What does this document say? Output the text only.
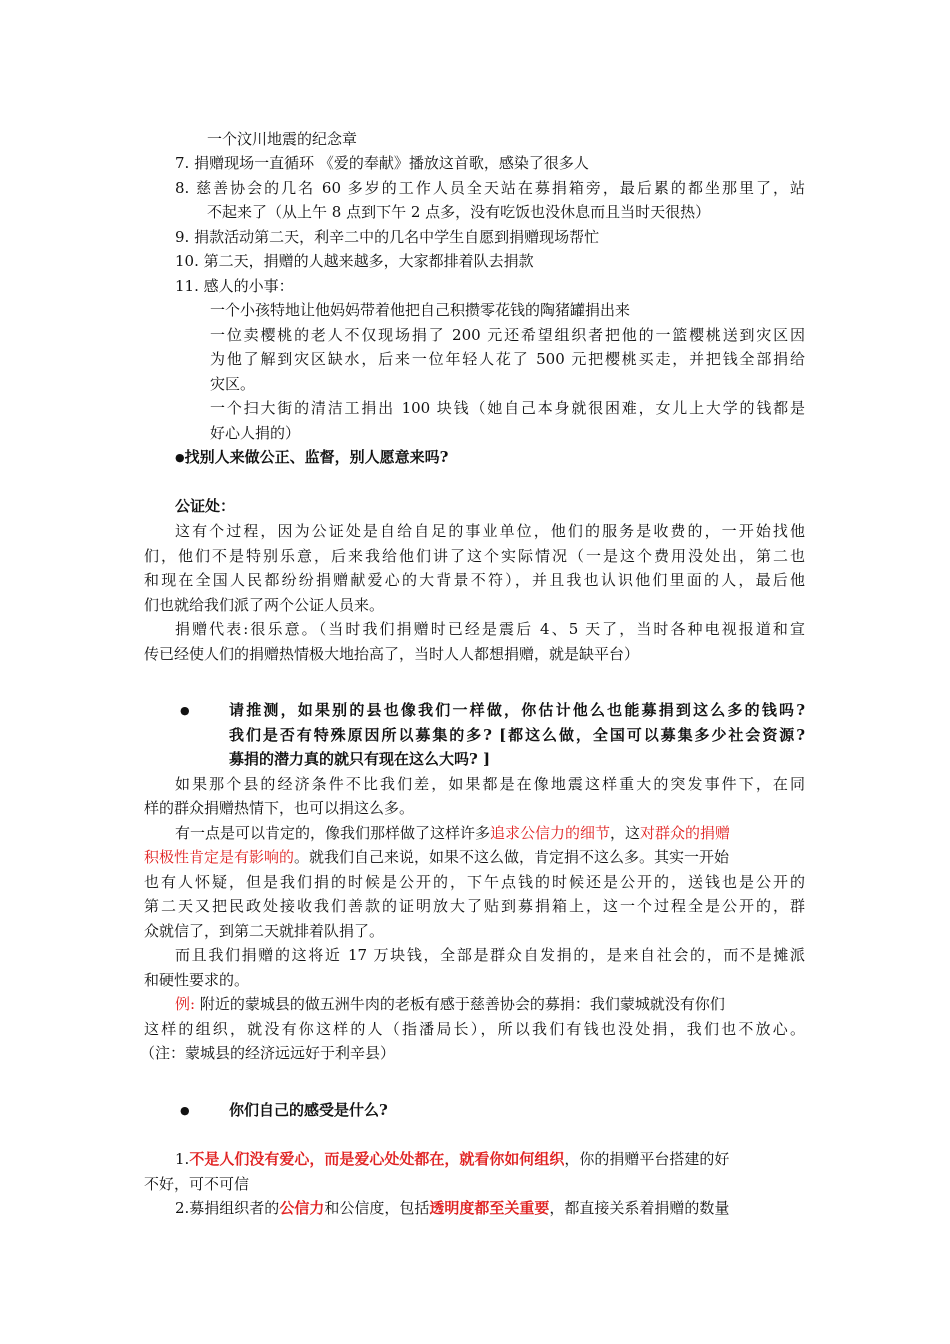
一个汶川地震的纪念章
7. 捐赠现场一直循环 《爱的奉献》播放这首歌，感染了很多人
8. 慈善协会的几名 60 多岁的工作人员全天站在募捐箱旁，最后累的都坐那里了，站
不起来了（从上午 8 点到下午 2 点多，没有吃饭也没休息而且当时天很热）
9. 捐款活动第二天，利辛二中的几名中学生自愿到捐赠现场帮忙
10. 第二天，捐赠的人越来越多，大家都排着队去捐款
11. 感人的小事：
一个小孩特地让他妈妈带着他把自己积攒零花钱的陶猪罐捐出来
一位卖樱桃的老人不仅现场捐了 200 元还希望组织者把他的一篮樱桃送到灾区因
为他了解到灾区缺水，后来一位年轻人花了 500 元把樱桃买走，并把钱全部捐给
灾区。
一个扫大街的清洁工捐出 100 块钱（她自己本身就很困难，女儿上大学的钱都是
好心人捐的）
●找别人来做公正、监督，别人愿意来吗?
公证处：
这有个过程，因为公证处是自给自足的事业单位，他们的服务是收费的，一开始找他
们，他们不是特别乐意，后来我给他们讲了这个实际情况（一是这个费用没处出，第二也
和现在全国人民都纷纷捐赠献爱心的大背景不符），并且我也认识他们里面的人，最后他
们也就给我们派了两个公证人员来。
捐赠代表:很乐意。（当时我们捐赠时已经是震后 4、5 天了，当时各种电视报道和宣
传已经使人们的捐赠热情极大地抬高了，当时人人都想捐赠，就是缺平台）
●	请推测，如果别的县也像我们一样做，你估计他么也能募捐到这么多的钱吗?
我们是否有特殊原因所以募集的多? [都这么做，全国可以募集多少社会资源?
募捐的潜力真的就只有现在这么大吗? ]
如果那个县的经济条件不比我们差，如果都是在像地震这样重大的突发事件下，在同
样的群众捐赠热情下，也可以捐这么多。
有一点是可以肯定的，像我们那样做了这样许多追求公信力的细节，这对群众的捐赠
积极性肯定是有影响的。就我们自己来说，如果不这么做，肯定捐不这么多。其实一开始
也有人怀疑，但是我们捐的时候是公开的，下午点钱的时候还是公开的，送钱也是公开的
第二天又把民政处接收我们善款的证明放大了贴到募捐箱上，这一个过程全是公开的，群
众就信了，到第二天就排着队捐了。
而且我们捐赠的这将近 17 万块钱，全部是群众自发捐的，是来自社会的，而不是摊派
和硬性要求的。
例: 附近的蒙城县的做五洲牛肉的老板有感于慈善协会的募捐：我们蒙城就没有你们
这样的组织，就没有你这样的人（指潘局长），所以我们有钱也没处捐，我们也不放心。
（注：蒙城县的经济远远好于利辛县）
●	你们自己的感受是什么?
1.不是人们没有爱心，而是爱心处处都在，就看你如何组织，你的捐赠平台搭建的好
不好，可不可信
2.募捐组织者的公信力和公信度，包括透明度都至关重要，都直接关系着捐赠的数量
